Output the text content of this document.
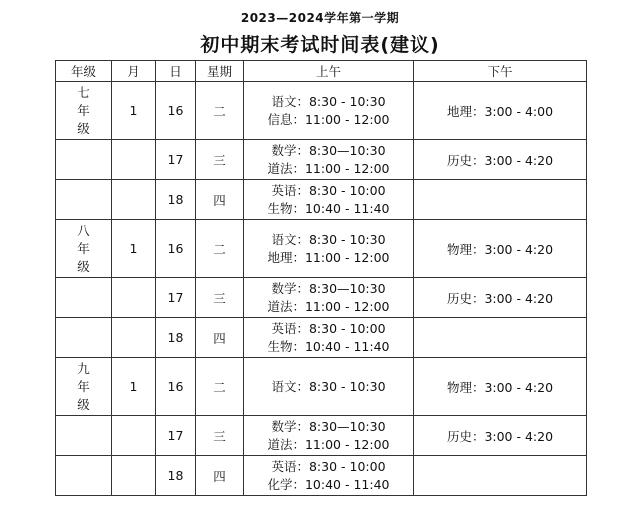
2023—2024学年第一学期
初中期末考试时间表(建议)
年级	月	日	星期	上午	下午

七
年
级	1	16	二	语文：8:30 - 10:30
信息：11:00 - 12:00	地理：3:00 - 4:00
		17	三	数学：8:30—10:30
道法：11:00 - 12:00	历史：3:00 - 4:20
		18	四	英语：8:30 - 10:00
生物：10:40 - 11:40	

八
年
级	1	16	二	语文：8:30 - 10:30
地理：11:00 - 12:00	物理：3:00 - 4:20
		17	三	数学：8:30—10:30
道法：11:00 - 12:00	历史：3:00 - 4:20
		18	四	英语：8:30 - 10:00
生物：10:40 - 11:40	

九
年
级	1	16	二	语文：8:30 - 10:30	物理：3:00 - 4:20
		17	三	数学：8:30—10:30
道法：11:00 - 12:00	历史：3:00 - 4:20
		18	四	英语：8:30 - 10:00
化学：10:40 - 11:40	
